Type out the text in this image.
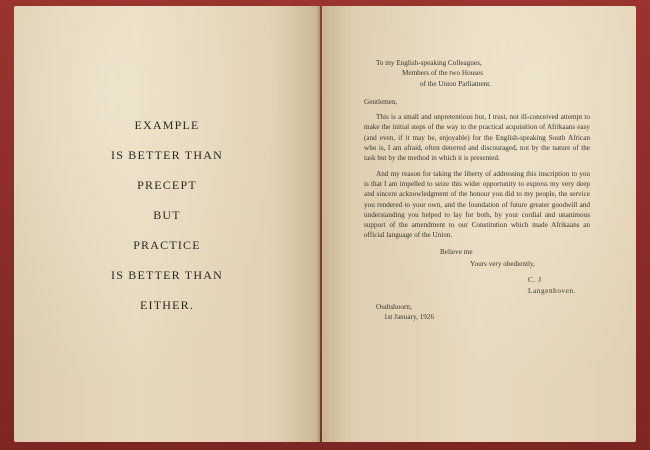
EXAMPLE
IS BETTER THAN
PRECEPT
BUT
PRACTICE
IS BETTER THAN
EITHER.
To my English-speaking Colleagues,
Members of the two Houses
of the Union Parliament.
Gentlemen,
This is a small and unpretentious but, I trust, not ill-conceived attempt to make the initial steps of the way to the practical acquisition of Afrikaans easy (and even, if it may be, enjoyable) for the English-speaking South African who is, I am afraid, often deterred and discouraged, not by the nature of the task but by the method in which it is presented.
And my reason for taking the liberty of addressing this inscription to you is that I am impelled to seize this wider opportunity to express my very deep and sincere acknowledgment of the honour you did to my people, the service you rendered to your own, and the foundation of future greater goodwill and understanding you helped to lay for both, by your cordial and unanimous support of the amendment to our Constitution which made Afrikaans an official language of the Union.
Believe me
Yours very obediently,
C. J Langenhoven.
Oudtshoorn,
1st January, 1926
